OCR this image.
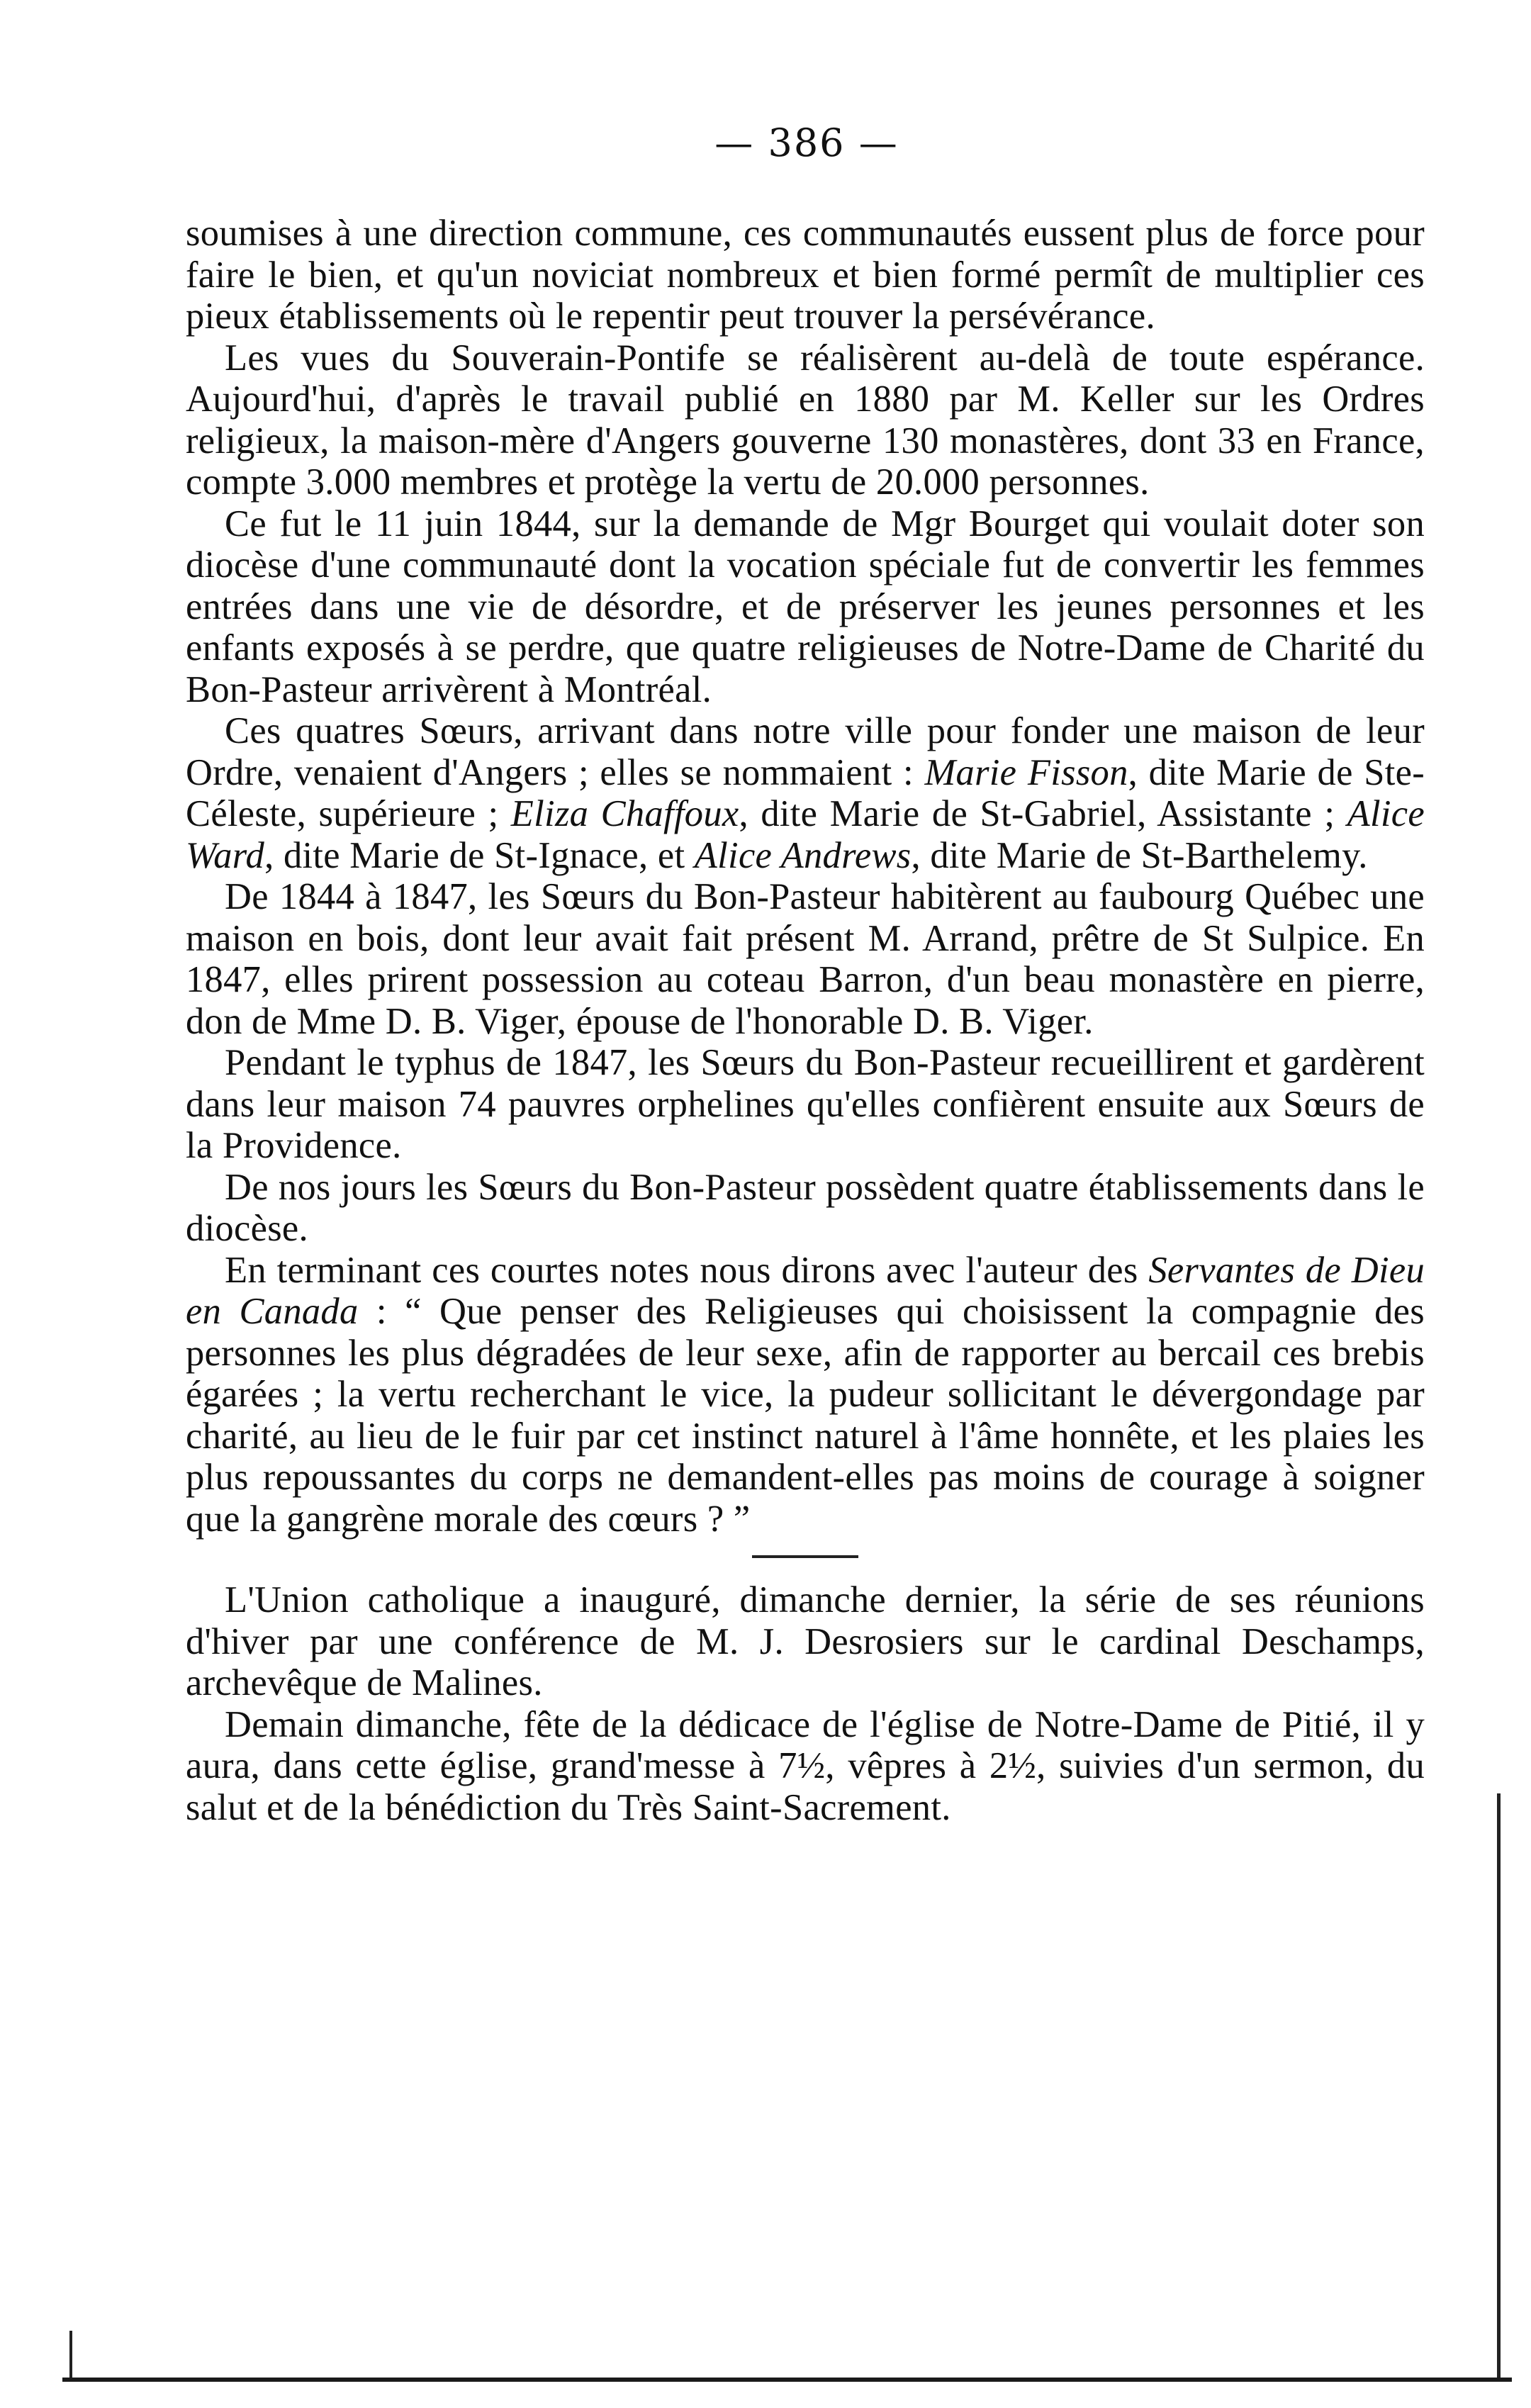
— 386 —

soumises à une direction commune, ces communautés eussent plus de force pour faire le bien, et qu'un noviciat nombreux et bien formé permît de multiplier ces pieux établissements où le repentir peut trouver la persévérance.

Les vues du Souverain-Pontife se réalisèrent au-delà de toute espérance. Aujourd'hui, d'après le travail publié en 1880 par M. Keller sur les Ordres religieux, la maison-mère d'Angers gouverne 130 monastères, dont 33 en France, compte 3.000 membres et protège la vertu de 20.000 personnes.

Ce fut le 11 juin 1844, sur la demande de Mgr Bourget qui voulait doter son diocèse d'une communauté dont la vocation spéciale fut de convertir les femmes entrées dans une vie de désordre, et de préserver les jeunes personnes et les enfants exposés à se perdre, que quatre religieuses de Notre-Dame de Charité du Bon-Pasteur arrivèrent à Montréal.

Ces quatres Sœurs, arrivant dans notre ville pour fonder une maison de leur Ordre, venaient d'Angers ; elles se nommaient : Marie Fisson, dite Marie de Ste-Céleste, supérieure ; Eliza Chaffoux, dite Marie de St-Gabriel, Assistante ; Alice Ward, dite Marie de St-Ignace, et Alice Andrews, dite Marie de St-Barthelemy.

De 1844 à 1847, les Sœurs du Bon-Pasteur habitèrent au faubourg Québec une maison en bois, dont leur avait fait présent M. Arrand, prêtre de St Sulpice. En 1847, elles prirent possession au coteau Barron, d'un beau monastère en pierre, don de Mme D. B. Viger, épouse de l'honorable D. B. Viger.

Pendant le typhus de 1847, les Sœurs du Bon-Pasteur recueillirent et gardèrent dans leur maison 74 pauvres orphelines qu'elles confièrent ensuite aux Sœurs de la Providence.

De nos jours les Sœurs du Bon-Pasteur possèdent quatre établissements dans le diocèse.

En terminant ces courtes notes nous dirons avec l'auteur des Servantes de Dieu en Canada : “ Que penser des Religieuses qui choisissent la compagnie des personnes les plus dégradées de leur sexe, afin de rapporter au bercail ces brebis égarées ; la vertu recherchant le vice, la pudeur sollicitant le dévergondage par charité, au lieu de le fuir par cet instinct naturel à l'âme honnête, et les plaies les plus repoussantes du corps ne demandent-elles pas moins de courage à soigner que la gangrène morale des cœurs ? ”

L'Union catholique a inauguré, dimanche dernier, la série de ses réunions d'hiver par une conférence de M. J. Desrosiers sur le cardinal Deschamps, archevêque de Malines.

Demain dimanche, fête de la dédicace de l'église de Notre-Dame de Pitié, il y aura, dans cette église, grand'messe à 7½, vêpres à 2½, suivies d'un sermon, du salut et de la bénédiction du Très Saint-Sacrement.
